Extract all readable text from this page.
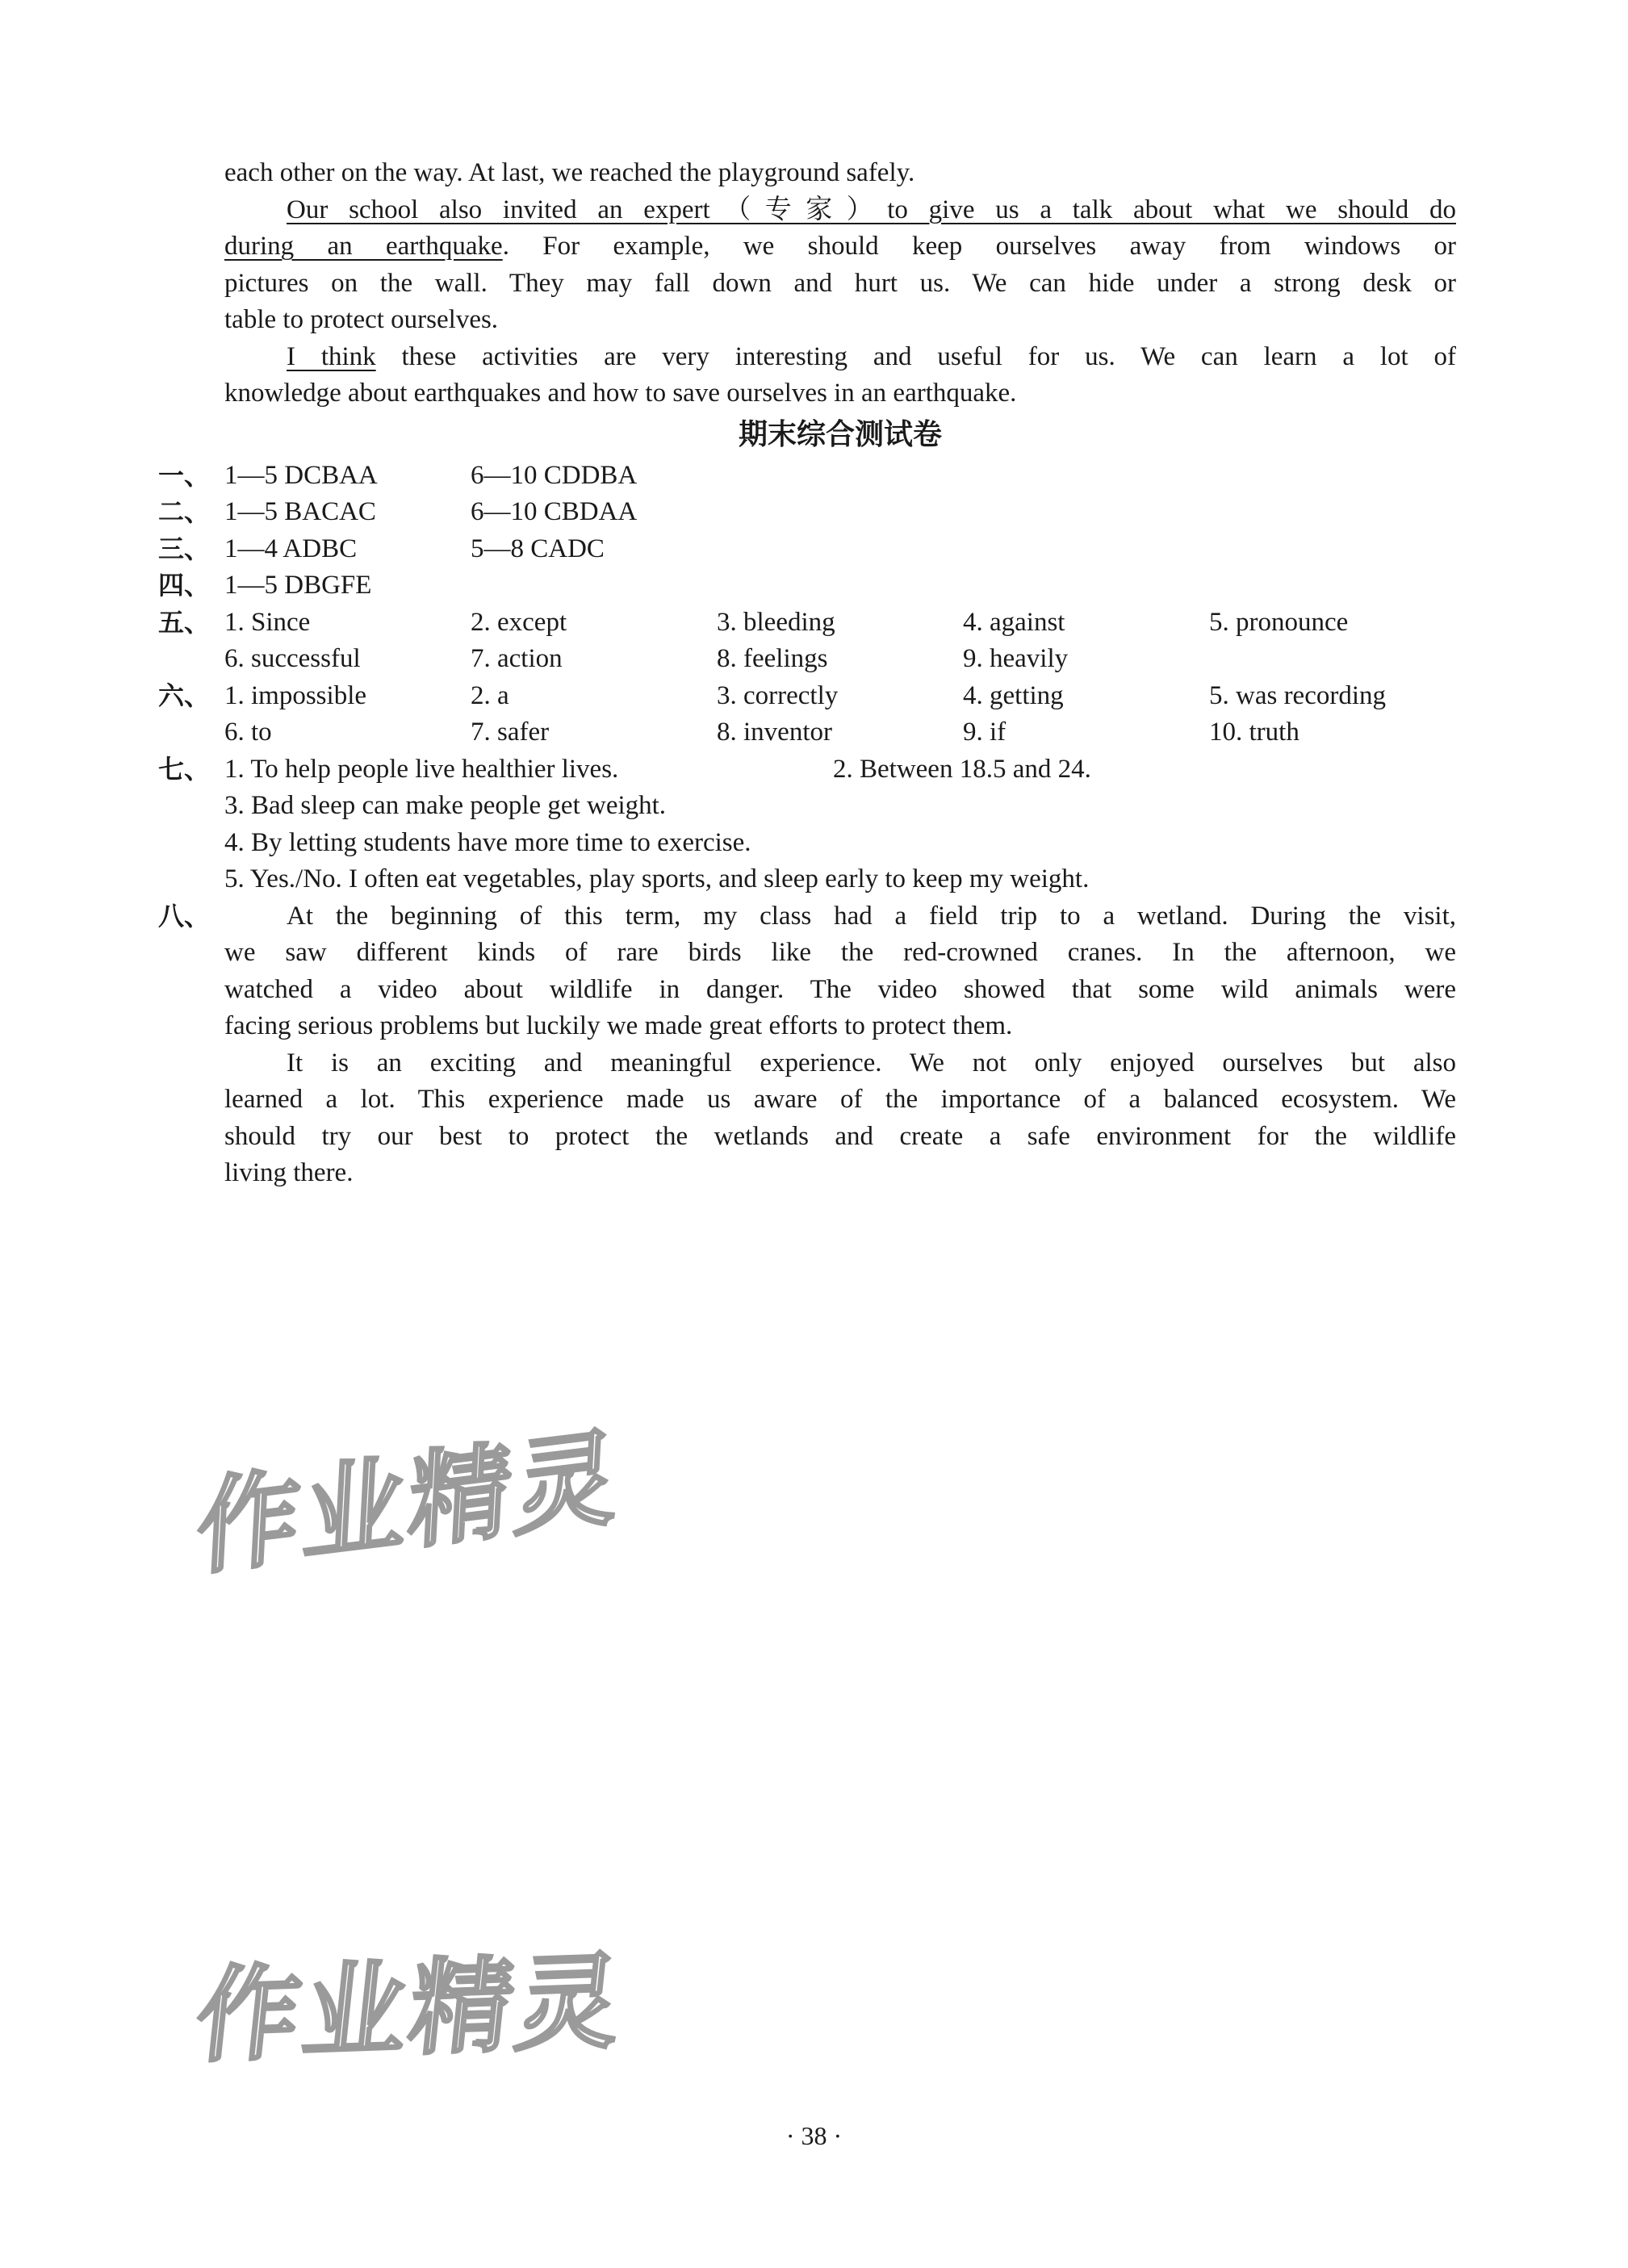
each other on the way. At last, we reached the playground safely.
Our school also invited an expert（专家）to give us a talk about what we should do
during an earthquake. For example, we should keep ourselves away from windows or
pictures on the wall. They may fall down and hurt us. We can hide under a strong desk or
table to protect ourselves.
I think these activities are very interesting and useful for us. We can learn a lot of
knowledge about earthquakes and how to save ourselves in an earthquake.
期末综合测试卷
一、 1—5 DCBAA	6—10 CDDBA
二、 1—5 BACAC	6—10 CBDAA
三、 1—4 ADBC	5—8 CADC
四、 1—5 DBGFE
五、 1. Since	2. except	3. bleeding	4. against	5. pronounce
6. successful	7. action	8. feelings	9. heavily
六、 1. impossible	2. a	3. correctly	4. getting	5. was recording
6. to	7. safer	8. inventor	9. if	10. truth
七、 1. To help people live healthier lives.	2. Between 18.5 and 24.
3. Bad sleep can make people get weight.
4. By letting students have more time to exercise.
5. Yes./No. I often eat vegetables, play sports, and sleep early to keep my weight.
八、	At the beginning of this term, my class had a field trip to a wetland. During the visit,
we saw different kinds of rare birds like the red-crowned cranes. In the afternoon, we
watched a video about wildlife in danger. The video showed that some wild animals were
facing serious problems but luckily we made great efforts to protect them.
It is an exciting and meaningful experience. We not only enjoyed ourselves but also
learned a lot. This experience made us aware of the importance of a balanced ecosystem. We
should try our best to protect the wetlands and create a safe environment for the wildlife
living there.
作业精灵
作业精灵
· 38 ·
